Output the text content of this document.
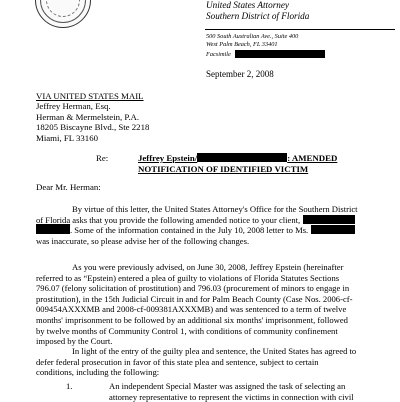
United States Attorney
Southern District of Florida
500 South Australian Ave., Suite 400
West Palm Beach, FL 33401
Facsimile
September 2, 2008
VIA UNITED STATES MAIL
Jeffrey Herman, Esq.
Herman & Mermelstein, P.A.
18205 Biscayne Blvd., Ste 2218
Miami, FL 33160
Re:	Jeffrey Epstein/	: AMENDED
NOTIFICATION OF IDENTIFIED VICTIM
Dear Mr. Herman:
By virtue of this letter, the United States Attorney's Office for the Southern District
of Florida asks that you provide the following amended notice to your client,
. Some of the information contained in the July 10, 2008 letter to Ms.
was inaccurate, so please advise her of the following changes.
As you were previously advised, on June 30, 2008, Jeffrey Epstein (hereinafter
referred to as “Epstein) entered a plea of guilty to violations of Florida Statutes Sections
796.07 (felony solicitation of prostitution) and 796.03 (procurement of minors to engage in
prostitution), in the 15th Judicial Circuit in and for Palm Beach County (Case Nos. 2006-cf-
009454AXXXMB and 2008-cf-009381AXXXMB) and was sentenced to a term of twelve
months' imprisonment to be followed by an additional six months' imprisonment, followed
by twelve months of Community Control 1, with conditions of community confinement
imposed by the Court.
In light of the entry of the guilty plea and sentence, the United States has agreed to
defer federal prosecution in favor of this state plea and sentence, subject to certain
conditions, including the following:
1.	An independent Special Master was assigned the task of selecting an
attorney representative to represent the victims in connection with civil
